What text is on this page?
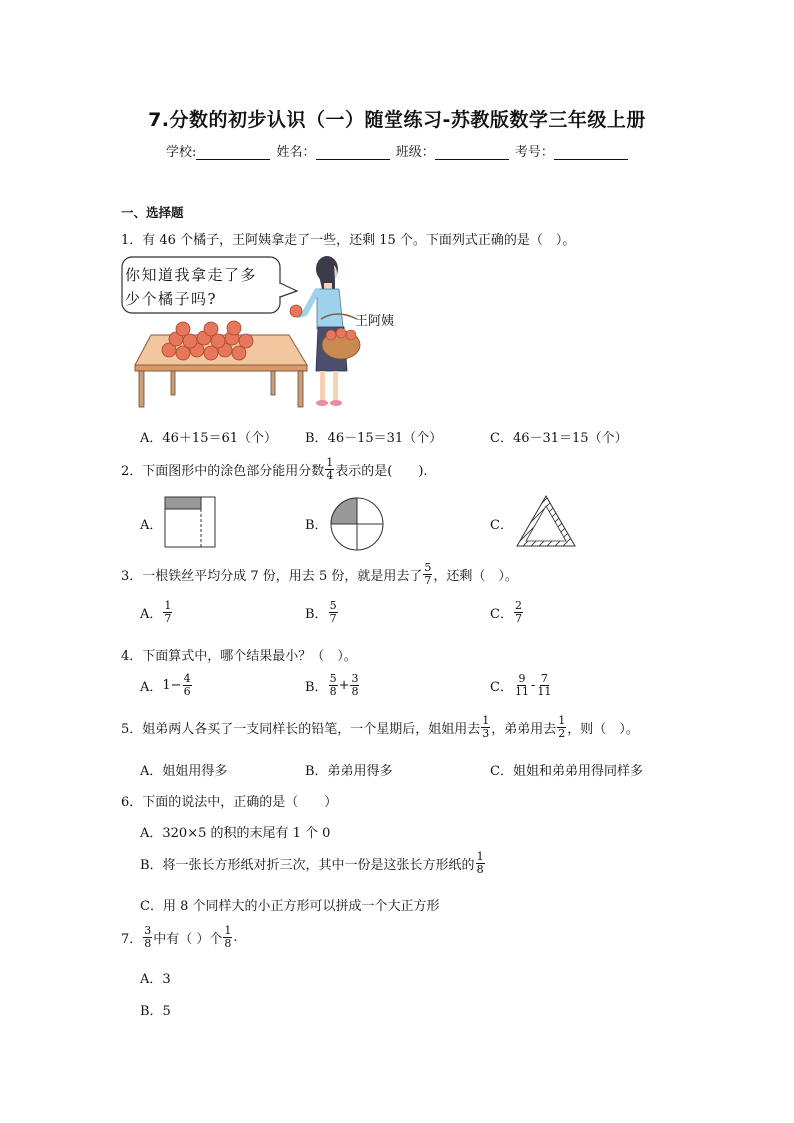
7.分数的初步认识（一）随堂练习-苏教版数学三年级上册
学校:	姓名：	班级：	考号：
一、选择题
1．有 46 个橘子，王阿姨拿走了一些，还剩 15 个。下面列式正确的是（　）。
你知道我拿走了多
少个橘子吗?
王阿姨
A．46＋15＝61（个） B．46－15＝31（个）	C．46－31＝15（个）
2．下面图形中的涂色部分能用分数 $\frac{1}{4}$ 表示的是(　　).
A．	B．	C．
3．一根铁丝平均分成 7 份，用去 5 份，就是用去了 $\frac{5}{7}$ ，还剩（　）。
A． $\frac{1}{7}$	B． $\frac{5}{7}$	C． $\frac{2}{7}$
4．下面算式中，哪个结果最小？（　）。
A． $1- \frac{4}{6}$	B． $\frac{5}{8} + \frac{3}{8}$	C． $\frac{9}{11} - \frac{7}{11}$
5．姐弟两人各买了一支同样长的铅笔，一个星期后，姐姐用去 $\frac{1}{3}$ ，弟弟用去 $\frac{1}{2}$ ，则（　）。
A．姐姐用得多	B．弟弟用得多	C．姐姐和弟弟用得同样多
6．下面的说法中，正确的是（　　）
A．320×5 的积的末尾有 1 个 0
B．将一张长方形纸对折三次，其中一份是这张长方形纸的 $\frac{1}{8}$
C．用 8 个同样大的小正方形可以拼成一个大正方形
7． $\frac{3}{8}$ 中有（ ）个 $\frac{1}{8}$ .
A．3
B．5
